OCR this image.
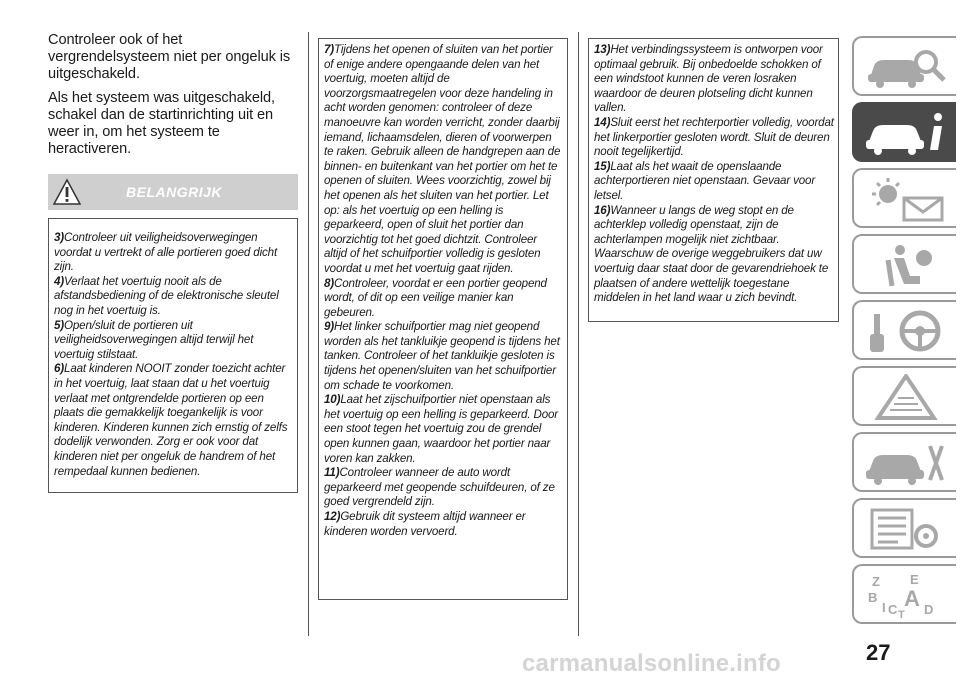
Controleer ook of het vergrendelsysteem niet per ongeluk is uitgeschakeld.

Als het systeem was uitgeschakeld, schakel dan de startinrichting uit en weer in, om het systeem te heractiveren.

BELANGRIJK

3)Controleer uit veiligheidsoverwegingen voordat u vertrekt of alle portieren goed dicht zijn.

4)Verlaat het voertuig nooit als de afstandsbediening of de elektronische sleutel nog in het voertuig is.

5)Open/sluit de portieren uit veiligheidsoverwegingen altijd terwijl het voertuig stilstaat.

6)Laat kinderen NOOIT zonder toezicht achter in het voertuig, laat staan dat u het voertuig verlaat met ontgrendelde portieren op een plaats die gemakkelijk toegankelijk is voor kinderen. Kinderen kunnen zich ernstig of zelfs dodelijk verwonden. Zorg er ook voor dat kinderen niet per ongeluk de handrem of het rempedaal kunnen bedienen.

7)Tijdens het openen of sluiten van het portier of enige andere opengaande delen van het voertuig, moeten altijd de voorzorgsmaatregelen voor deze handeling in acht worden genomen: controleer of deze manoeuvre kan worden verricht, zonder daarbij iemand, lichaamsdelen, dieren of voorwerpen te raken. Gebruik alleen de handgrepen aan de binnen- en buitenkant van het portier om het te openen of sluiten. Wees voorzichtig, zowel bij het openen als het sluiten van het portier. Let op: als het voertuig op een helling is geparkeerd, open of sluit het portier dan voorzichtig tot het goed dichtzit. Controleer altijd of het schuifportier volledig is gesloten voordat u met het voertuig gaat rijden.

8)Controleer, voordat er een portier geopend wordt, of dit op een veilige manier kan gebeuren.

9)Het linker schuifportier mag niet geopend worden als het tankluikje geopend is tijdens het tanken. Controleer of het tankluikje gesloten is tijdens het openen/sluiten van het schuifportier om schade te voorkomen.

10)Laat het zijschuifportier niet openstaan als het voertuig op een helling is geparkeerd. Door een stoot tegen het voertuig zou de grendel open kunnen gaan, waardoor het portier naar voren kan zakken.

11)Controleer wanneer de auto wordt geparkeerd met geopende schuifdeuren, of ze goed vergrendeld zijn.

12)Gebruik dit systeem altijd wanneer er kinderen worden vervoerd.

13)Het verbindingssysteem is ontworpen voor optimaal gebruik. Bij onbedoelde schokken of een windstoot kunnen de veren losraken waardoor de deuren plotseling dicht kunnen vallen.

14)Sluit eerst het rechterportier volledig, voordat het linkerportier gesloten wordt. Sluit de deuren nooit tegelijkertijd.

15)Laat als het waait de openslaande achterportieren niet openstaan. Gevaar voor letsel.

16)Wanneer u langs de weg stopt en de achterklep volledig openstaat, zijn de achterlampen mogelijk niet zichtbaar. Waarschuw de overige weggebruikers dat uw voertuig daar staat door de gevarendriehoek te plaatsen of andere wettelijk toegestane middelen in het land waar u zich bevindt.

Z E
B A
C D
T
I
carmanualsonline.info	27
